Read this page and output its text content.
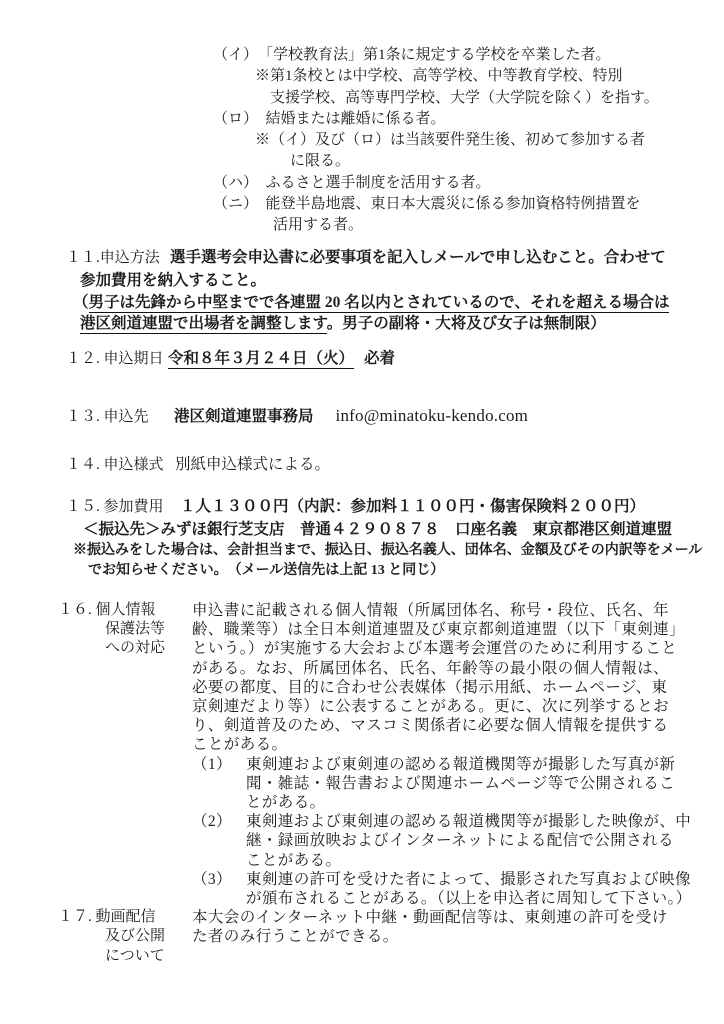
（イ）　「学校教育法」第1条に規定する学校を卒業した者。
※第1条校とは中学校、高等学校、中等教育学校、特別
支援学校、高等専門学校、大学（大学院を除く）を指す。
（ロ）　結婚または離婚に係る者。
※（イ）及び（ロ）は当該要件発生後、初めて参加する者
に限る。
（ハ）　ふるさと選手制度を活用する者。
（ニ）　能登半島地震、東日本大震災に係る参加資格特例措置を
活用する者。
１１.申込方法 選手選考会申込書に必要事項を記入しメールで申し込むこと。合わせて
参加費用を納入すること。
（男子は先鋒から中堅までで各連盟 20 名以内とされているので、それを超える場合は
港区剣道連盟で出場者を調整します。男子の副将・大将及び女子は無制限）
１２. 申込期日 令和８年３月２４日（火） 必着
１３. 申込先 港区剣道連盟事務局 info@minatoku-kendo.com
１４. 申込様式 別紙申込様式による。
１５. 参加費用 １人１３００円（内訳：参加料１１００円・傷害保険料２００円）
＜振込先＞みずほ銀行芝支店　普通４２９０８７８　口座名義　東京都港区剣道連盟
※振込みをした場合は、会計担当まで、振込日、振込名義人、団体名、金額及びその内訳等をメール
でお知らせください。　（メール送信先は上記 13 と同じ）
１６. 個人情報
保護法等
への対応
申込書に記載される個人情報（所属団体名、称号・段位、氏名、年
齢、職業等）は全日本剣道連盟及び東京都剣道連盟（以下「東剣連」
という。）が実施する大会および本選考会運営のために利用すること
がある。なお、所属団体名、氏名、年齢等の最小限の個人情報は、
必要の都度、目的に合わせ公表媒体（掲示用紙、ホームページ、東
京剣連だより等）に公表することがある。更に、次に列挙するとお
り、剣道普及のため、マスコミ関係者に必要な個人情報を提供する
ことがある。
（1） 東剣連および東剣連の認める報道機関等が撮影した写真が新
聞・雑誌・報告書および関連ホームページ等で公開されるこ
とがある。
（2） 東剣連および東剣連の認める報道機関等が撮影した映像が、中
継・録画放映およびインターネットによる配信で公開される
ことがある。
（3） 東剣連の許可を受けた者によって、撮影された写真および映像
が頒布されることがある。（以上を申込者に周知して下さい。）
１７. 動画配信
及び公開
について
本大会のインターネット中継・動画配信等は、東剣連の許可を受け
た者のみ行うことができる。
